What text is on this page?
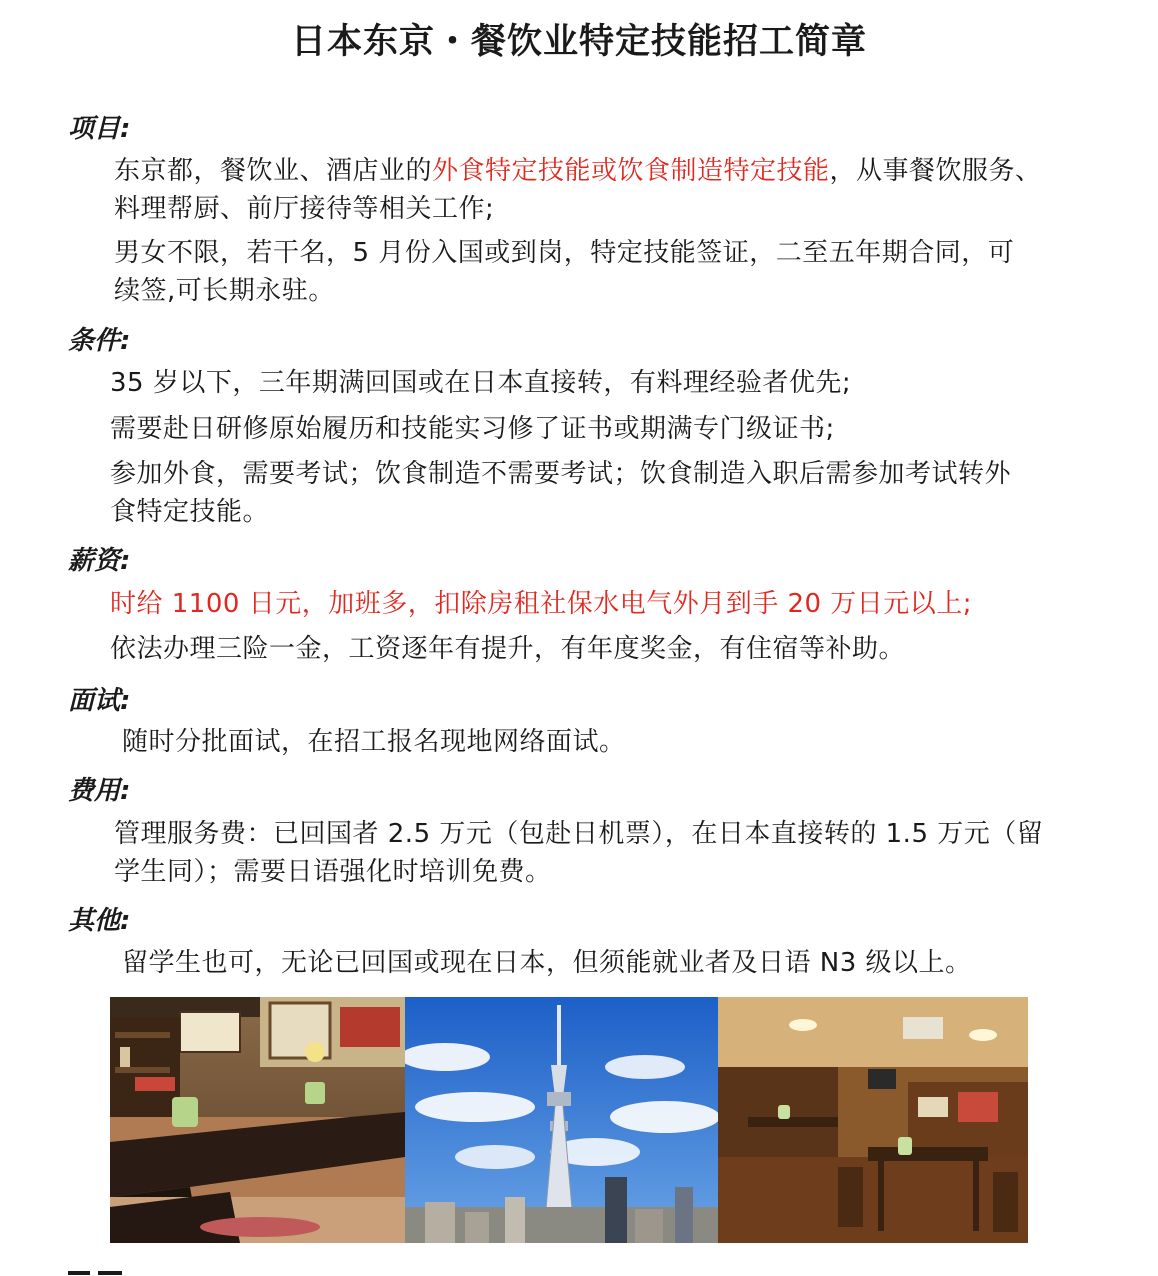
日本东京・餐饮业特定技能招工简章
项目:
东京都，餐饮业、酒店业的外食特定技能或饮食制造特定技能，从事餐饮服务、
料理帮厨、前厅接待等相关工作;
男女不限，若干名，5 月份入国或到岗，特定技能签证，二至五年期合同，可
续签,可长期永驻。
条件:
35 岁以下，三年期满回国或在日本直接转，有料理经验者优先;
需要赴日研修原始履历和技能实习修了证书或期满专门级证书;
参加外食，需要考试；饮食制造不需要考试；饮食制造入职后需参加考试转外
食特定技能。
薪资:
时给 1100 日元，加班多，扣除房租社保水电气外月到手 20 万日元以上;
依法办理三险一金，工资逐年有提升，有年度奖金，有住宿等补助。
面试:
随时分批面试，在招工报名现地网络面试。
费用:
管理服务费：已回国者 2.5 万元（包赴日机票），在日本直接转的 1.5 万元（留
学生同）；需要日语强化时培训免费。
其他:
留学生也可，无论已回国或现在日本，但须能就业者及日语 N3 级以上。
